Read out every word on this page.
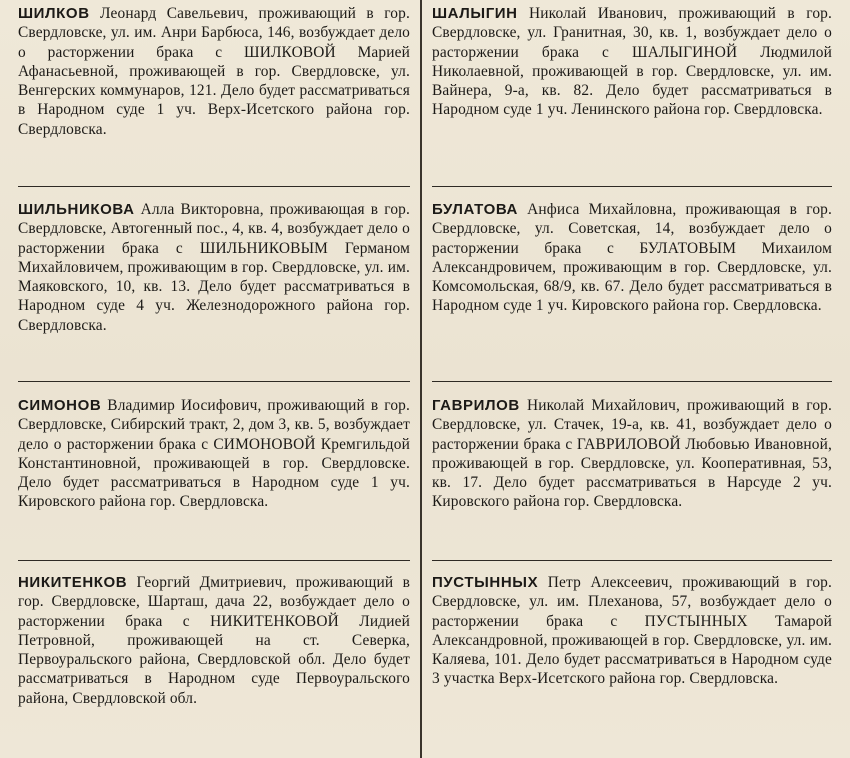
ШИЛКОВ Леонард Савельевич, проживающий в гор. Свердловске, ул. им. Анри Барбюса, 146, возбуждает дело о расторжении брака с ШИЛКОВОЙ Марией Афанасьевной, проживающей в гор. Свердловске, ул. Венгерских коммунаров, 121. Дело будет рассматриваться в Народном суде 1 уч. Верх-Исетского района гор. Свердловска.
ШИЛЬНИКОВА Алла Викторовна, проживающая в гор. Свердловске, Автогенный пос., 4, кв. 4, возбуждает дело о расторжении брака с ШИЛЬНИКОВЫМ Германом Михайловичем, проживающим в гор. Свердловске, ул. им. Маяковского, 10, кв. 13. Дело будет рассматриваться в Народном суде 4 уч. Железнодорожного района гор. Свердловска.
СИМОНОВ Владимир Иосифович, проживающий в гор. Свердловске, Сибирский тракт, 2, дом 3, кв. 5, возбуждает дело о расторжении брака с СИМОНОВОЙ Кремгильдой Константиновной, проживающей в гор. Свердловске. Дело будет рассматриваться в Народном суде 1 уч. Кировского района гор. Свердловска.
НИКИТЕНКОВ Георгий Дмитриевич, проживающий в гор. Свердловске, Шарташ, дача 22, возбуждает дело о расторжении брака с НИКИТЕНКОВОЙ Лидией Петровной, проживающей на ст. Северка, Первоуральского района, Свердловской обл. Дело будет рассматриваться в Народном суде Первоуральского района, Свердловской обл.
ШАЛЫГИН Николай Иванович, проживающий в гор. Свердловске, ул. Гранитная, 30, кв. 1, возбуждает дело о расторжении брака с ШАЛЫГИНОЙ Людмилой Николаевной, проживающей в гор. Свердловске, ул. им. Вайнера, 9-а, кв. 82. Дело будет рассматриваться в Народном суде 1 уч. Ленинского района гор. Свердловска.
БУЛАТОВА Анфиса Михайловна, проживающая в гор. Свердловске, ул. Советская, 14, возбуждает дело о расторжении брака с БУЛАТОВЫМ Михаилом Александровичем, проживающим в гор. Свердловске, ул. Комсомольская, 68/9, кв. 67. Дело будет рассматриваться в Народном суде 1 уч. Кировского района гор. Свердловска.
ГАВРИЛОВ Николай Михайлович, проживающий в гор. Свердловске, ул. Стачек, 19-а, кв. 41, возбуждает дело о расторжении брака с ГАВРИЛОВОЙ Любовью Ивановной, проживающей в гор. Свердловске, ул. Кооперативная, 53, кв. 17. Дело будет рассматриваться в Нарсуде 2 уч. Кировского района гор. Свердловска.
ПУСТЫННЫХ Петр Алексеевич, проживающий в гор. Свердловске, ул. им. Плеханова, 57, возбуждает дело о расторжении брака с ПУСТЫННЫХ Тамарой Александровной, проживающей в гор. Свердловске, ул. им. Каляева, 101. Дело будет рассматриваться в Народном суде 3 участка Верх-Исетского района гор. Свердловска.
